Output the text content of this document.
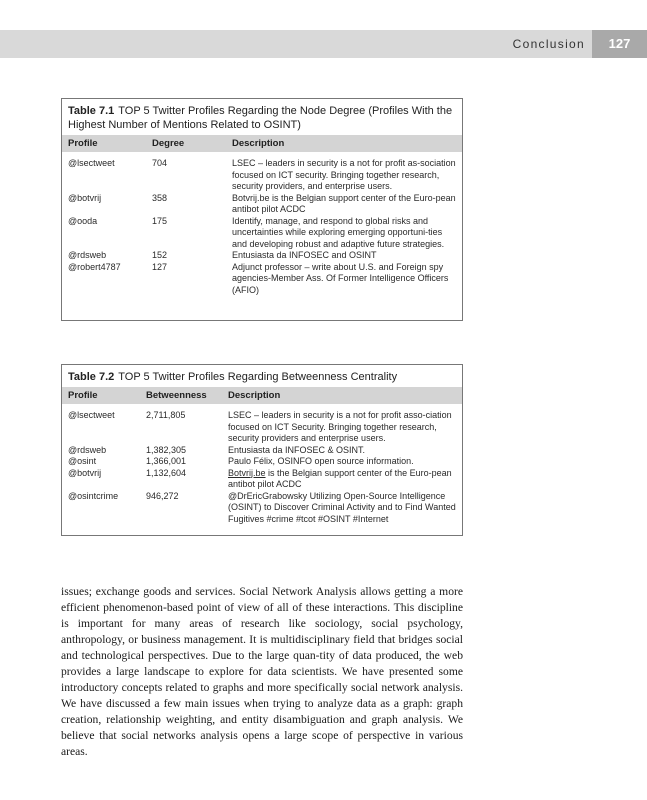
Conclusion	127
Table 7.1 TOP 5 Twitter Profiles Regarding the Node Degree (Profiles With the Highest Number of Mentions Related to OSINT)
Profile	Degree	Description
@lsectweet	704	LSEC – leaders in security is a not for profit as-sociation focused on ICT security. Bringing together research, security providers, and enterprise users.
@botvrij	358	Botvrij.be is the Belgian support center of the Euro-pean antibot pilot ACDC
@ooda	175	Identify, manage, and respond to global risks and uncertainties while exploring emerging opportuni-ties and developing robust and adaptive future strategies.
@rdsweb	152	Entusiasta da INFOSEC and OSINT
@robert4787	127	Adjunct professor – write about U.S. and Foreign spy agencies-Member Ass. Of Former Intelligence Officers (AFIO)
Table 7.2 TOP 5 Twitter Profiles Regarding Betweenness Centrality
Profile	Betweenness	Description
@lsectweet	2,711,805	LSEC – leaders in security is a not for profit asso-ciation focused on ICT Security. Bringing together research, security providers and enterprise users.
@rdsweb	1,382,305	Entusiasta da INFOSEC & OSINT.
@osint	1,366,001	Paulo Félix, OSINFO open source information.
@botvrij	1,132,604	Botvrij.be is the Belgian support center of the Euro-pean antibot pilot ACDC
@osintcrime	946,272	@DrEricGrabowsky Utilizing Open-Source Intelligence (OSINT) to Discover Criminal Activity and to Find Wanted Fugitives #crime #tcot #OSINT #Internet

issues; exchange goods and services. Social Network Analysis allows getting a more efficient phenomenon-based point of view of all of these interactions. This discipline is important for many areas of research like sociology, social psychology, anthropology, or business management. It is multidisciplinary field that bridges social and technological perspectives. Due to the large quan-tity of data produced, the web provides a large landscape to explore for data scientists. We have presented some introductory concepts related to graphs and more specifically social network analysis. We have discussed a few main issues when trying to analyze data as a graph: graph creation, relationship weighting, and entity disambiguation and graph analysis. We believe that social networks analysis opens a large scope of perspective in various areas.
